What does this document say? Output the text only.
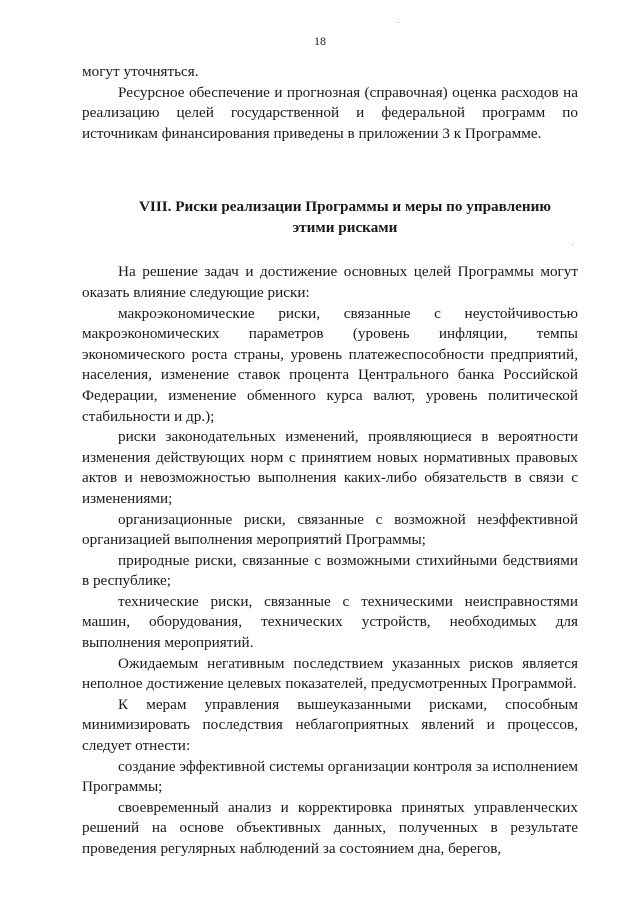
18

могут уточняться.

Ресурсное обеспечение и прогнозная (справочная) оценка расходов на реализацию целей государственной и федеральной программ по источникам финансирования приведены в приложении 3 к Программе.

VIII. Риски реализации Программы и меры по управлению
этими рисками

На решение задач и достижение основных целей Программы могут оказать влияние следующие риски:

макроэкономические риски, связанные с неустойчивостью макроэкономических параметров (уровень инфляции, темпы экономического роста страны, уровень платежеспособности предприятий, населения, изменение ставок процента Центрального банка Российской Федерации, изменение обменного курса валют, уровень политической стабильности и др.);

риски законодательных изменений, проявляющиеся в вероятности изменения действующих норм с принятием новых нормативных правовых актов и невозможностью выполнения каких-либо обязательств в связи с изменениями;

организационные риски, связанные с возможной неэффективной организацией выполнения мероприятий Программы;

природные риски, связанные с возможными стихийными бедствиями в республике;

технические риски, связанные с техническими неисправностями машин, оборудования, технических устройств, необходимых для выполнения мероприятий.

Ожидаемым негативным последствием указанных рисков является неполное достижение целевых показателей, предусмотренных Программой.

К мерам управления вышеуказанными рисками, способным минимизировать последствия неблагоприятных явлений и процессов, следует отнести:

создание эффективной системы организации контроля за исполнением Программы;

своевременный анализ и корректировка принятых управленческих решений на основе объективных данных, полученных в результате проведения регулярных наблюдений за состоянием дна, берегов,
